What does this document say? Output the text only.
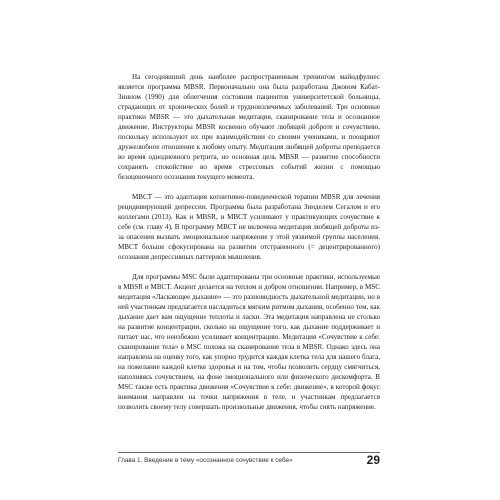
На сегодняшний день наиболее распространенным тренингом майндфулнес является программа MBSR. Первоначально она была разработана Джоном Кабат-Зинном (1990) для облегчения состояния пациентов университетской больницы, страдающих от хронических болей и трудноизлечимых заболеваний. Три основные практики MBSR — это дыхательная медитация, сканирование тела и осознанное движение. Инструкторы MBSR косвенно обучают любящей доброте и сочувствию, поскольку используют их при взаимодействии со своими учениками, и поощряют дружелюбное отношение к любому опыту. Медитация любящей доброты преподается во время однодневного ретрита, но основная цель MBSR — развитие способности сохранять спокойствие во время стрессовых событий жизни с помощью безоценочного осознания текущего момента.

MBCT — это адаптация когнитивно-поведенческой терапии MBSR для лечения рецидивирующей депрессии. Программа была разработана Зинделем Сегалом и его коллегами (2013). Как и MBSR, и MBCT усиливают у практикующих сочувствие к себе (см. главу 4). В программу MBCT не включена медитация любящей доброты из-за опасения вызвать эмоциональное напряжение у этой уязвимой группы населения. MBCT больше сфокусирована на развитии отстраненного (= децентрированного) осознания депрессивных паттернов мышления.

Для программы MSC были адаптированы три основные практики, используемые в MBSR и MBCT. Акцент делается на теплом и добром отношении. Например, в MSC медитация «Ласкающее дыхание» — это разновидность дыхательной медитации, но в ней участникам предлагается насладиться мягким ритмом дыхания, особенно тем, как дыхание дает вам ощущение теплоты и ласки. Эта медитация направлена не столько на развитие концентрации, сколько на ощущение того, как дыхание поддерживает и питает нас, что неизбежно усиливает концентрацию. Медитация «Сочувствие к себе: сканирование тела» в MSC похожа на сканирование тела в MBSR. Однако здесь она направлена на оценку того, как упорно трудится каждая клетка тела для нашего блага, на пожелание каждой клетке здоровья и на том, чтобы позволить сердцу смягчиться, наполняясь сочувствием, на фоне эмоционального или физического дискомфорта. В MSC также есть практика движения «Сочувствие к себе: движение», в которой фокус внимания направлен на точки напряжения в теле, и участникам предлагается позволить своему телу совершать произвольные движения, чтобы снять напряжение.

Глава 1. Введение в тему «осознанное сочувствие к себе»	29
